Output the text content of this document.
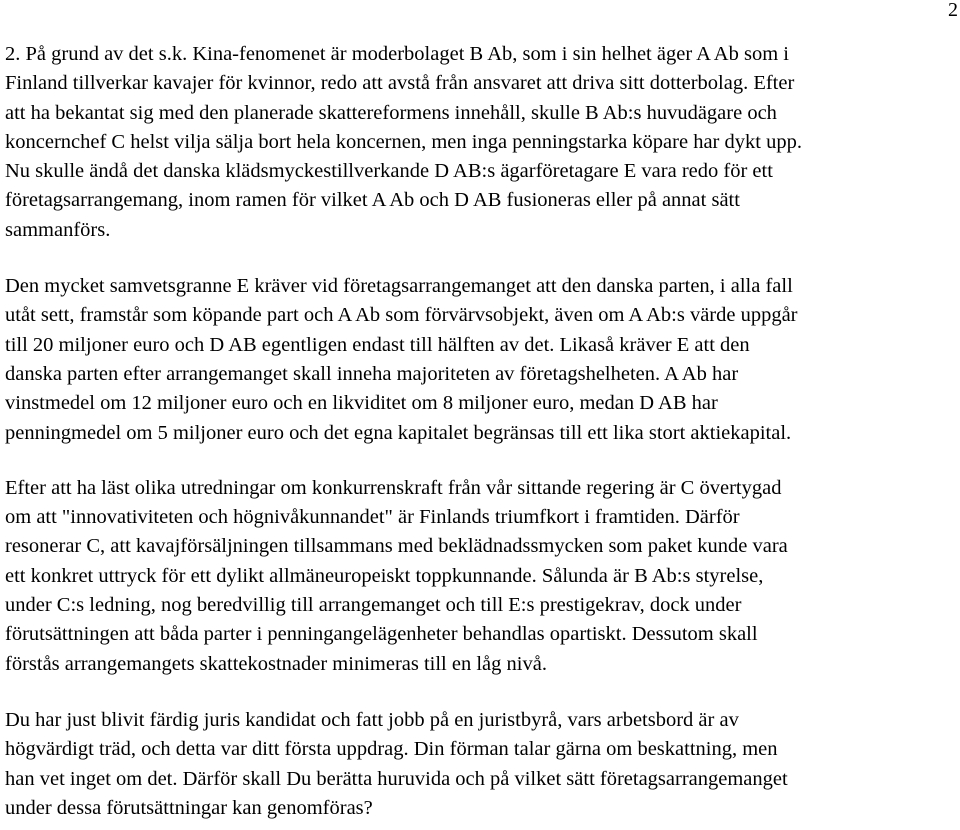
2

2. På grund av det s.k. Kina-fenomenet är moderbolaget B Ab, som i sin helhet äger A Ab som i
Finland tillverkar kavajer för kvinnor, redo att avstå från ansvaret att driva sitt dotterbolag. Efter
att ha bekantat sig med den planerade skattereformens innehåll, skulle B Ab:s huvudägare och
koncernchef C helst vilja sälja bort hela koncernen, men inga penningstarka köpare har dykt upp.
Nu skulle ändå det danska klädsmyckestillverkande D AB:s ägarföretagare E vara redo för ett
företagsarrangemang, inom ramen för vilket A Ab och D AB fusioneras eller på annat sätt
sammanförs.

Den mycket samvetsgranne E kräver vid företagsarrangemanget att den danska parten, i alla fall
utåt sett, framstår som köpande part och A Ab som förvärvsobjekt, även om A Ab:s värde uppgår
till 20 miljoner euro och D AB egentligen endast till hälften av det. Likaså kräver E att den
danska parten efter arrangemanget skall inneha majoriteten av företagshelheten. A Ab har
vinstmedel om 12 miljoner euro och en likviditet om 8 miljoner euro, medan D AB har
penningmedel om 5 miljoner euro och det egna kapitalet begränsas till ett lika stort aktiekapital.

Efter att ha läst olika utredningar om konkurrenskraft från vår sittande regering är C övertygad
om att "innovativiteten och högnivåkunnandet" är Finlands triumfkort i framtiden. Därför
resonerar C, att kavajförsäljningen tillsammans med beklädnadssmycken som paket kunde vara
ett konkret uttryck för ett dylikt allmäneuropeiskt toppkunnande. Sålunda är B Ab:s styrelse,
under C:s ledning, nog beredvillig till arrangemanget och till E:s prestigekrav, dock under
förutsättningen att båda parter i penningangelägenheter behandlas opartiskt. Dessutom skall
förstås arrangemangets skattekostnader minimeras till en låg nivå.

Du har just blivit färdig juris kandidat och fatt jobb på en juristbyrå, vars arbetsbord är av
högvärdigt träd, och detta var ditt första uppdrag. Din förman talar gärna om beskattning, men
han vet inget om det. Därför skall Du berätta huruvida och på vilket sätt företagsarrangemanget
under dessa förutsättningar kan genomföras?
